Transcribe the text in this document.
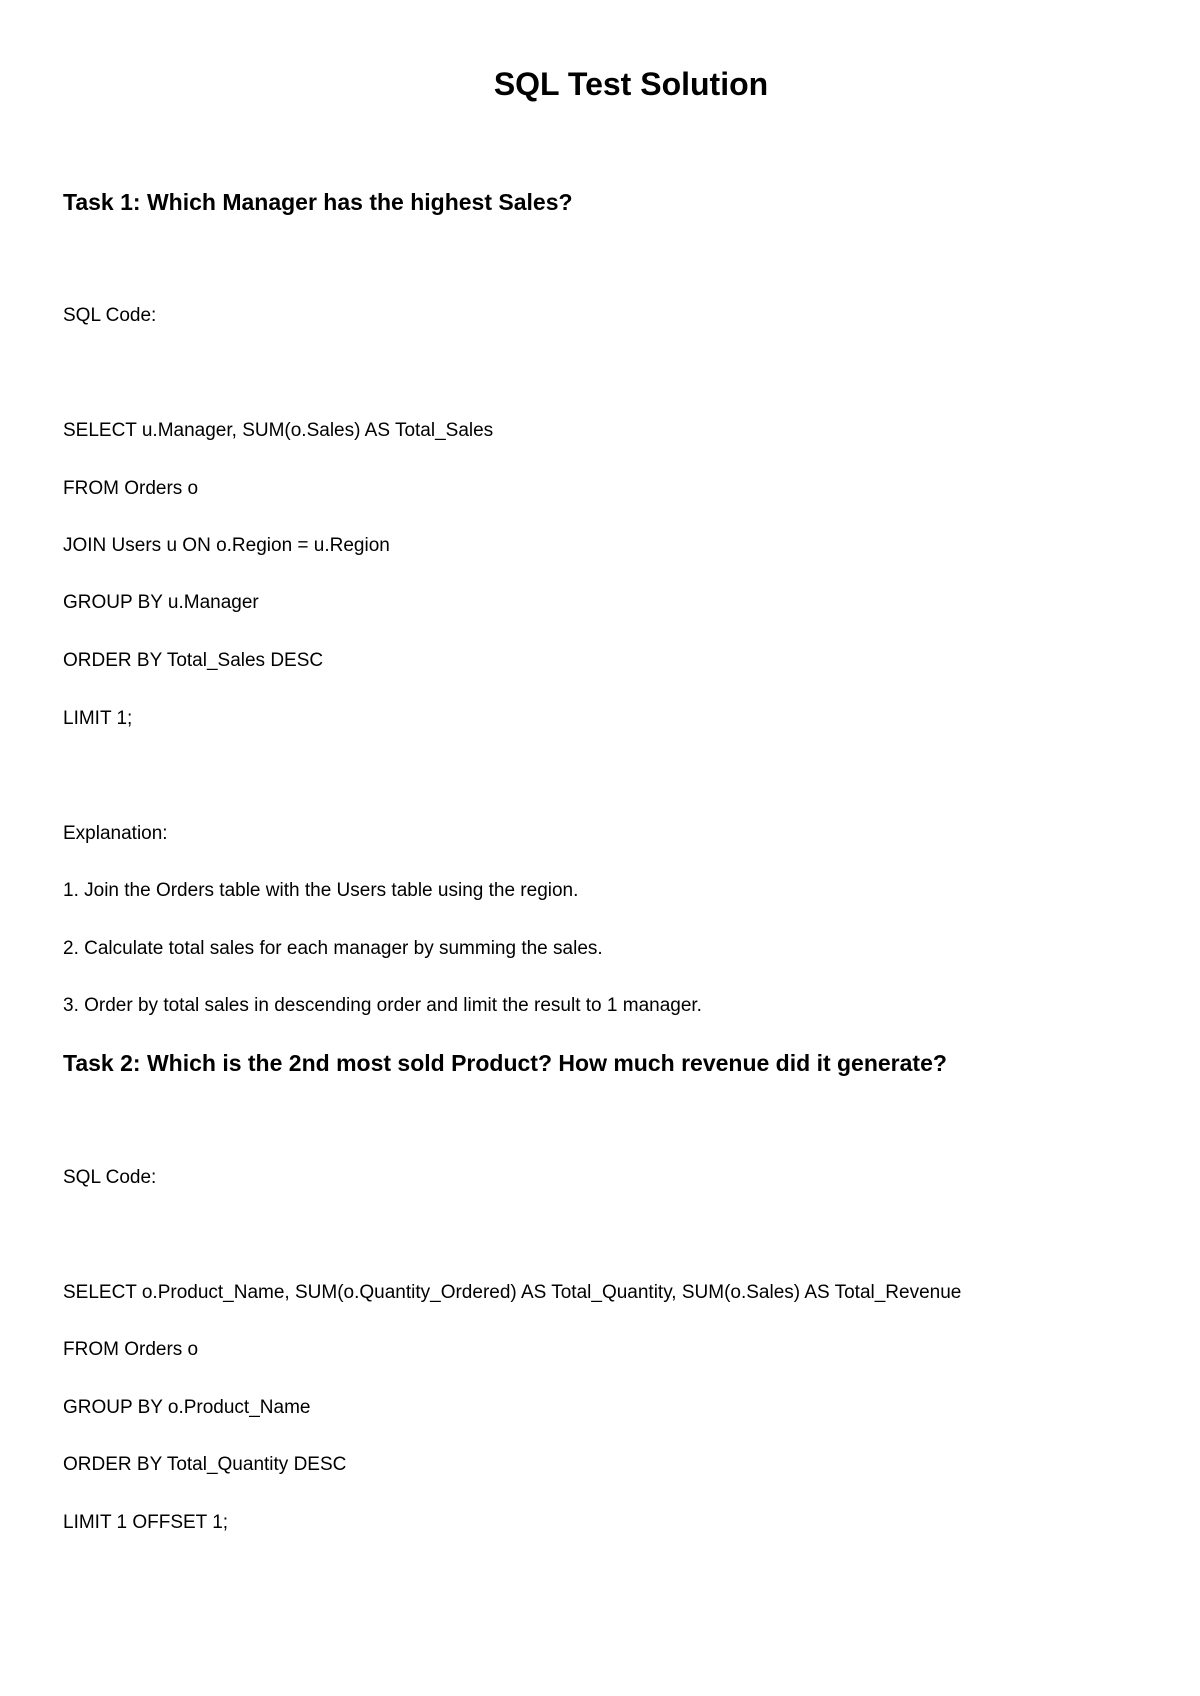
SQL Test Solution
Task 1: Which Manager has the highest Sales?
SQL Code:
SELECT u.Manager, SUM(o.Sales) AS Total_Sales
FROM Orders o
JOIN Users u ON o.Region = u.Region
GROUP BY u.Manager
ORDER BY Total_Sales DESC
LIMIT 1;
Explanation:
1. Join the Orders table with the Users table using the region.
2. Calculate total sales for each manager by summing the sales.
3. Order by total sales in descending order and limit the result to 1 manager.
Task 2: Which is the 2nd most sold Product? How much revenue did it generate?
SQL Code:
SELECT o.Product_Name, SUM(o.Quantity_Ordered) AS Total_Quantity, SUM(o.Sales) AS Total_Revenue
FROM Orders o
GROUP BY o.Product_Name
ORDER BY Total_Quantity DESC
LIMIT 1 OFFSET 1;
